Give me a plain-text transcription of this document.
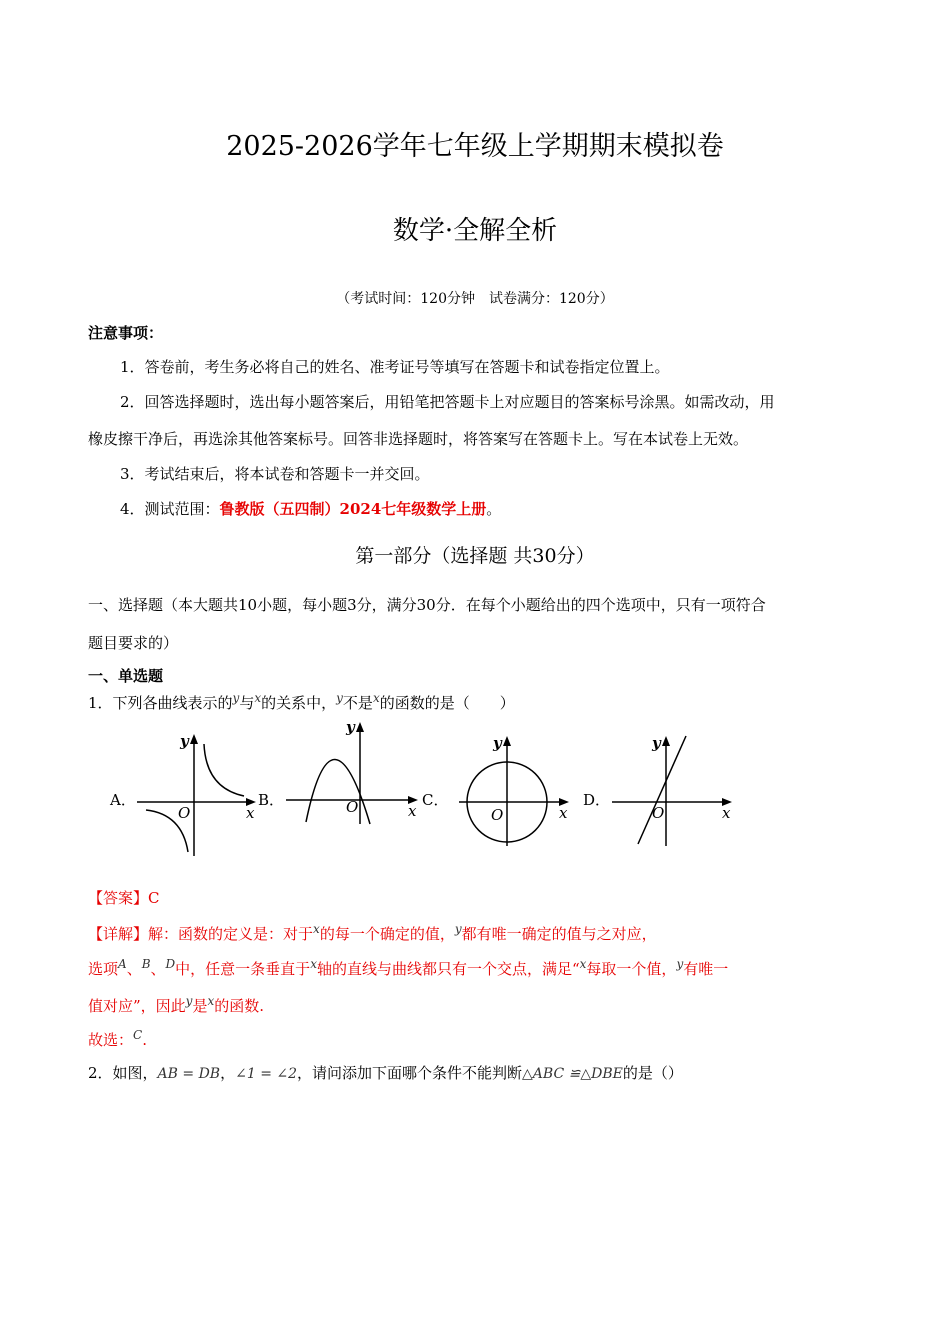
2025-2026学年七年级上学期期末模拟卷
数学·全解全析
（考试时间：120分钟　试卷满分：120分）
注意事项：
1．答卷前，考生务必将自己的姓名、准考证号等填写在答题卡和试卷指定位置上。
2．回答选择题时，选出每小题答案后，用铅笔把答题卡上对应题目的答案标号涂黑。如需改动，用
橡皮擦干净后，再选涂其他答案标号。回答非选择题时，将答案写在答题卡上。写在本试卷上无效。
3．考试结束后，将本试卷和答题卡一并交回。
4．测试范围：鲁教版（五四制）2024七年级数学上册。
第一部分（选择题 共30分）
一、选择题（本大题共10小题，每小题3分，满分30分．在每个小题给出的四个选项中，只有一项符合
题目要求的）
一、单选题
1．下列各曲线表示的$^y$与$^x$的关系中，$^y$不是$^x$的函数的是（　　）
A．	B．	C．	D．
O
y
x	O
y
x	O
y
x	O
y
x
【答案】C
【详解】解：函数的定义是：对于$^x$的每一个确定的值，$^y$都有唯一确定的值与之对应，
选项$^A$、$^B$、$^D$中，任意一条垂直于$^x$轴的直线与曲线都只有一个交点，满足“$^x$每取一个值，$^y$有唯一
值对应”，因此$^y$是$^x$的函数.
故选：$^C$.
2．如图，AB = DB，∠1 = ∠2，请问添加下面哪个条件不能判断△ABC ≌△DBE的是（）
